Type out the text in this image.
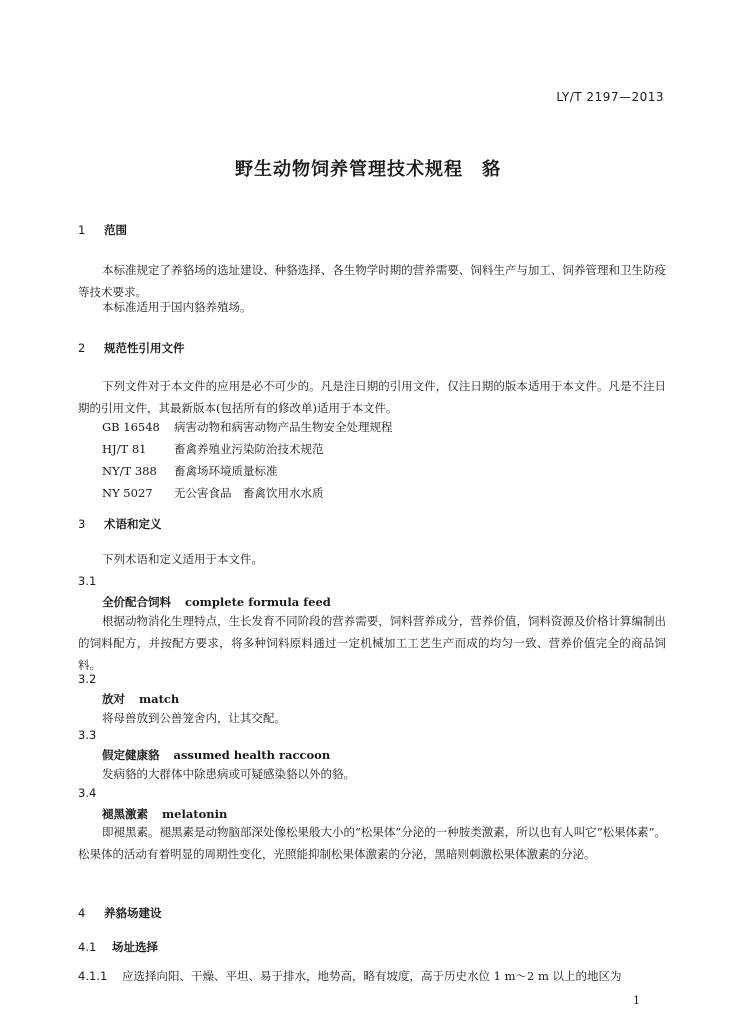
LY/T 2197—2013
野生动物饲养管理技术规程　貉
1 范围
本标准规定了养貉场的选址建设、种貉选择、各生物学时期的营养需要、饲料生产与加工、饲养管理和卫生防疫等技术要求。
本标准适用于国内貉养殖场。
2 规范性引用文件
下列文件对于本文件的应用是必不可少的。凡是注日期的引用文件，仅注日期的版本适用于本文件。凡是不注日期的引用文件，其最新版本(包括所有的修改单)适用于本文件。
GB 16548 病害动物和病害动物产品生物安全处理规程
HJ/T 81 畜禽养殖业污染防治技术规范
NY/T 388 畜禽场环境质量标准
NY 5027 无公害食品　畜禽饮用水水质
3 术语和定义
下列术语和定义适用于本文件。
3.1
全价配合饲料 complete formula feed
根据动物消化生理特点，生长发育不同阶段的营养需要，饲料营养成分，营养价值，饲料资源及价格计算编制出的饲料配方，并按配方要求，将多种饲料原料通过一定机械加工工艺生产而成的均匀一致、营养价值完全的商品饲料。
3.2
放对 match
将母兽放到公兽笼舍内，让其交配。
3.3
假定健康貉 assumed health raccoon
发病貉的大群体中除患病或可疑感染貉以外的貉。
3.4
褪黑激素 melatonin
即褪黑素。褪黑素是动物脑部深处像松果般大小的“松果体”分泌的一种胺类激素，所以也有人叫它“松果体素”。松果体的活动有着明显的周期性变化，光照能抑制松果体激素的分泌，黑暗则刺激松果体激素的分泌。
4 养貉场建设
4.1 场址选择
4.1.1 应选择向阳、干燥、平坦、易于排水，地势高，略有坡度，高于历史水位 1 m～2 m 以上的地区为
1
